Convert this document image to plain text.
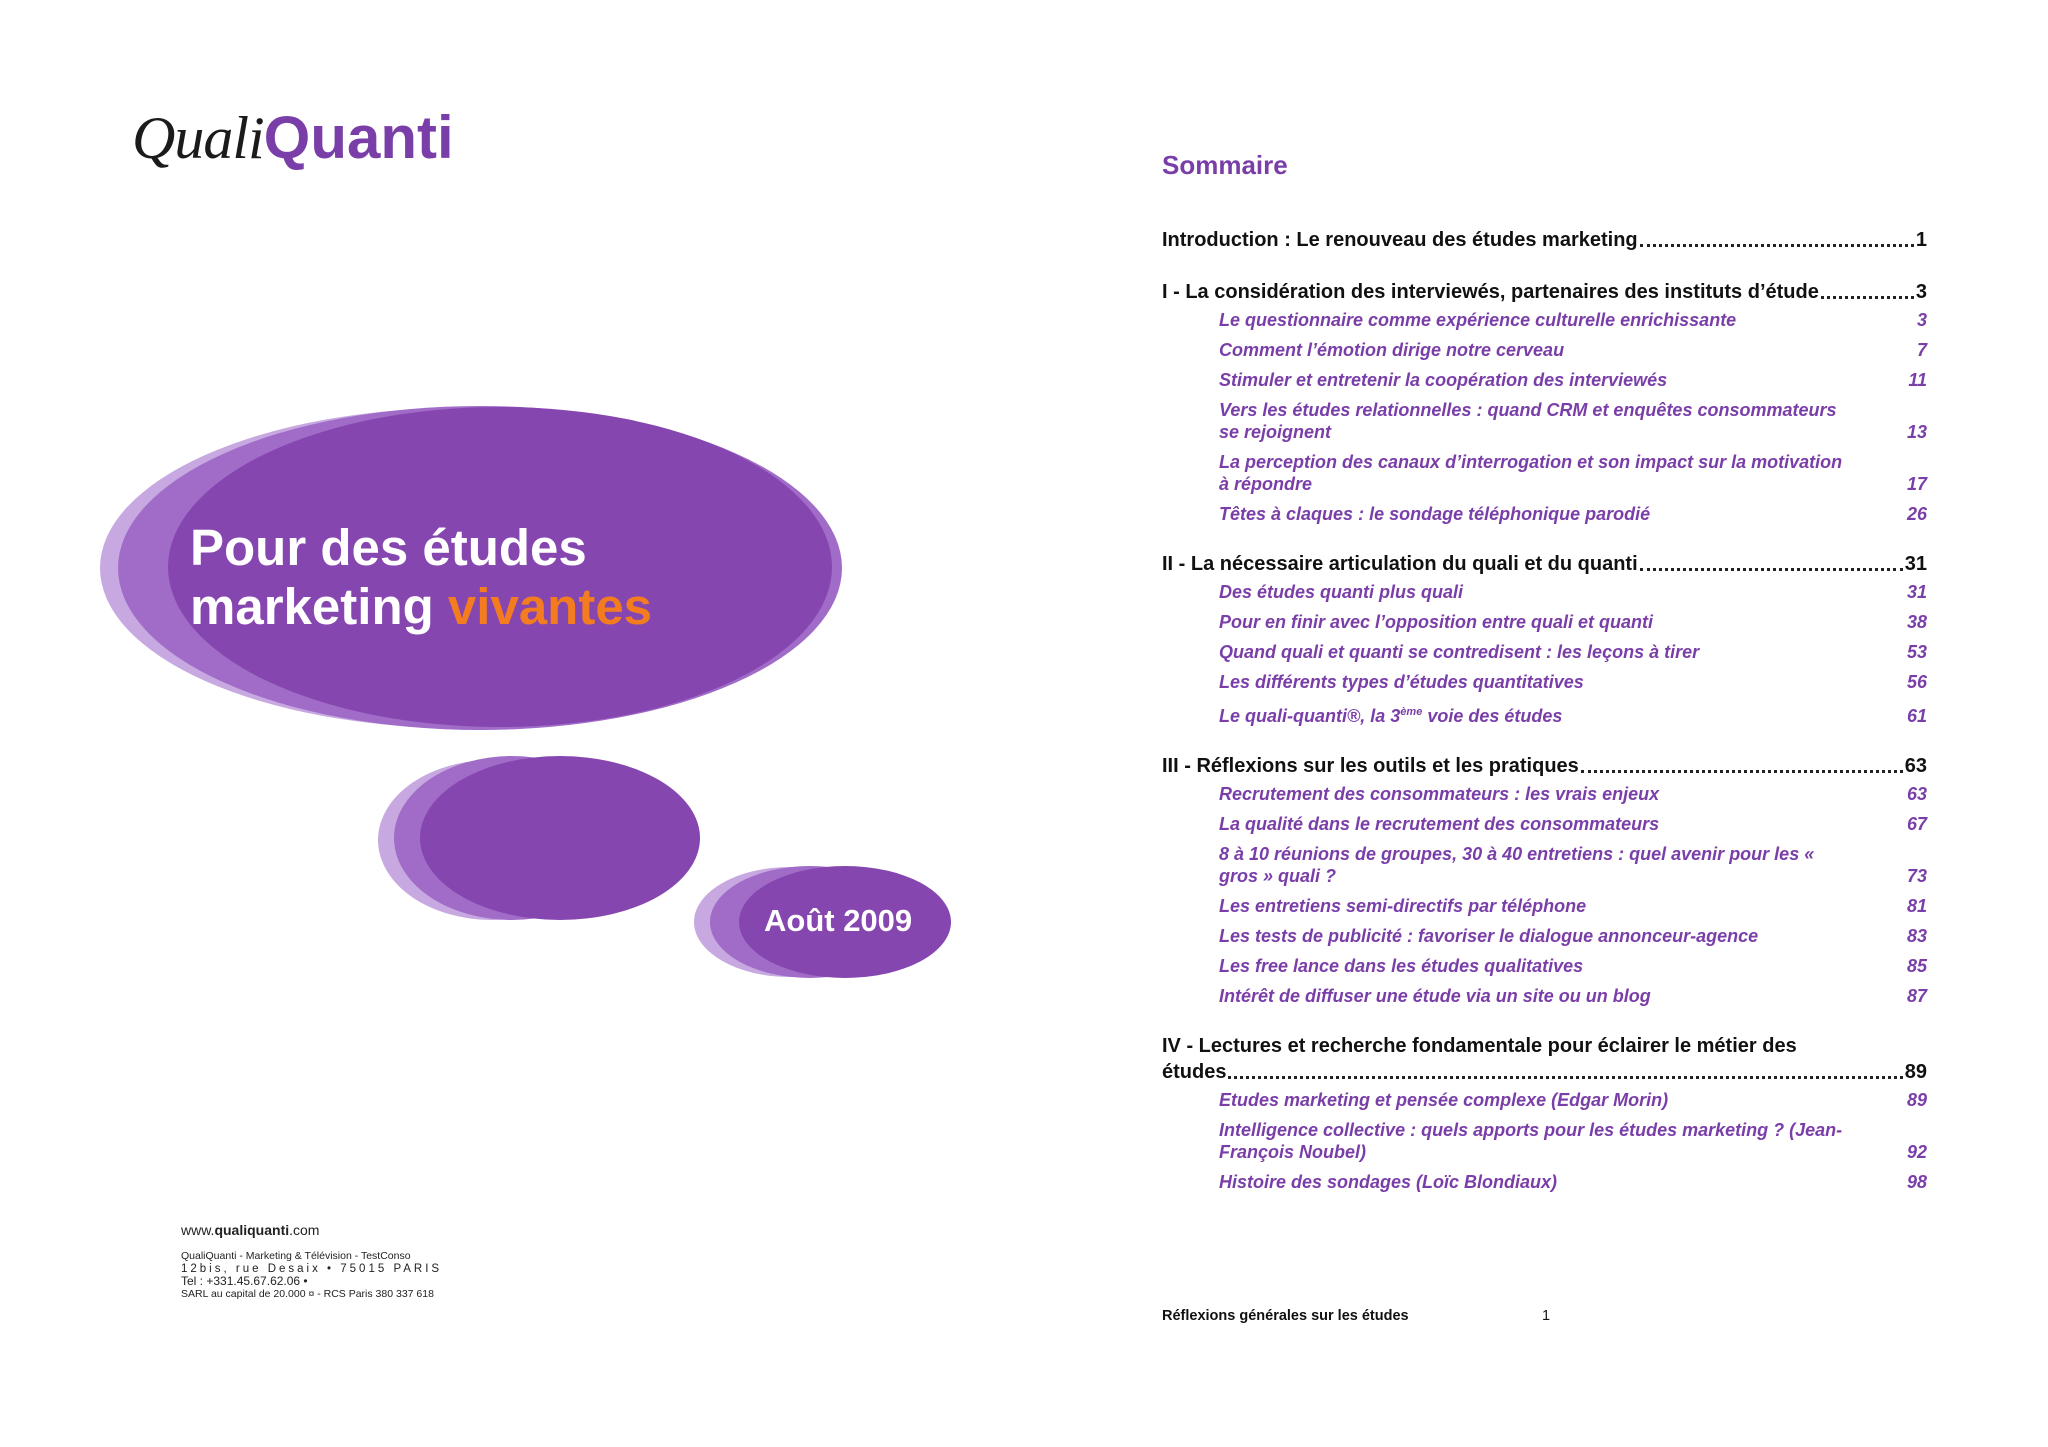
QualiQuanti
Pour des études
marketing vivantes
Août 2009
www.qualiquanti.com
QualiQuanti - Marketing & Télévision - TestConso
12bis, rue Desaix • 75015 PARIS
Tel : +331.45.67.62.06 •
SARL au capital de 20.000 ¤ - RCS Paris 380 337 618
Sommaire
Introduction : Le renouveau des études marketing	1
I - La considération des interviewés, partenaires des instituts d’étude	3
Le questionnaire comme expérience culturelle enrichissante	3
Comment l’émotion dirige notre cerveau	7
Stimuler et entretenir la coopération des interviewés	11
Vers les études relationnelles : quand CRM et enquêtes consommateurs se rejoignent	13
La perception des canaux d’interrogation et son impact sur la motivation à répondre	17
Têtes à claques : le sondage téléphonique parodié	26
II - La nécessaire articulation du quali et du quanti	31
Des études quanti plus quali	31
Pour en finir avec l’opposition entre quali et quanti	38
Quand quali et quanti se contredisent : les leçons à tirer	53
Les différents types d’études quantitatives	56
Le quali-quanti®, la 3ème voie des études	61
III - Réflexions sur les outils et les pratiques	63
Recrutement des consommateurs : les vrais enjeux	63
La qualité dans le recrutement des consommateurs	67
8 à 10 réunions de groupes, 30 à 40 entretiens : quel avenir pour les « gros » quali ?	73
Les entretiens semi-directifs par téléphone	81
Les tests de publicité : favoriser le dialogue annonceur-agence	83
Les free lance dans les études qualitatives	85
Intérêt de diffuser une étude via un site ou un blog	87
IV - Lectures et recherche fondamentale pour éclairer le métier des
études	89
Etudes marketing et pensée complexe (Edgar Morin)	89
Intelligence collective : quels apports pour les études marketing ? (Jean-François Noubel)	92
Histoire des sondages (Loïc Blondiaux)	98
Réflexions générales sur les études	1
